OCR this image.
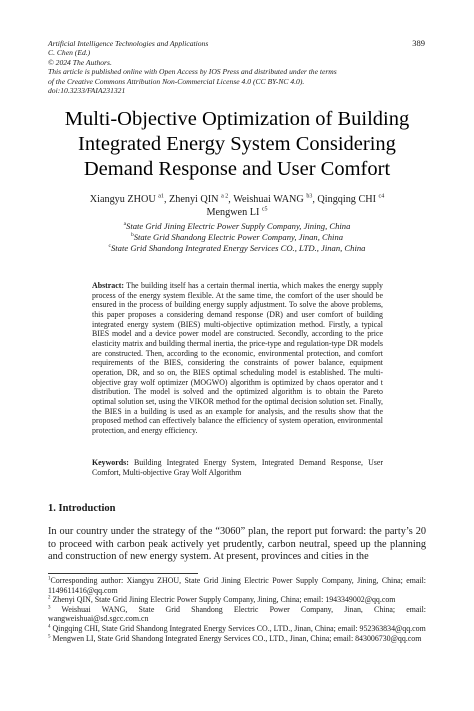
Artificial Intelligence Technologies and Applications
C. Chen (Ed.)
© 2024 The Authors.
This article is published online with Open Access by IOS Press and distributed under the terms
of the Creative Commons Attribution Non-Commercial License 4.0 (CC BY-NC 4.0).
doi:10.3233/FAIA231321
389
Multi-Objective Optimization of Building
Integrated Energy System Considering
Demand Response and User Comfort
Xiangyu ZHOU $^{a1}$, Zhenyi QIN $^{a 2}$, Weishuai WANG $^{b3}$, Qingqing CHI $^{c4}$
Mengwen LI $^{c5}$
$^a$State Grid Jining Electric Power Supply Company, Jining, China
$^b$State Grid Shandong Electric Power Company, Jinan, China
$^c$State Grid Shandong Integrated Energy Services CO., LTD., Jinan, China
Abstract: The building itself has a certain thermal inertia, which makes the energy supply process of the energy system flexible. At the same time, the comfort of the user should be ensured in the process of building energy supply adjustment. To solve the above problems, this paper proposes a considering demand response (DR) and user comfort of building integrated energy system (BIES) multi-objective optimization method. Firstly, a typical BIES model and a device power model are constructed. Secondly, according to the price elasticity matrix and building thermal inertia, the price-type and regulation-type DR models are constructed. Then, according to the economic, environmental protection, and comfort requirements of the BIES, considering the constraints of power balance, equipment operation, DR, and so on, the BIES optimal scheduling model is established. The multi-objective gray wolf optimizer (MOGWO) algorithm is optimized by chaos operator and t distribution. The model is solved and the optimized algorithm is to obtain the Pareto optimal solution set, using the VIKOR method for the optimal decision solution set. Finally, the BIES in a building is used as an example for analysis, and the results show that the proposed method can effectively balance the efficiency of system operation, environmental protection, and energy efficiency.
Keywords: Building Integrated Energy System, Integrated Demand Response, User Comfort, Multi-objective Gray Wolf Algorithm
1. Introduction
In our country under the strategy of the “3060” plan, the report put forward: the party’s 20 to proceed with carbon peak actively yet prudently, carbon neutral, speed up the planning and construction of new energy system. At present, provinces and cities in the

$^1$Corresponding author: Xiangyu ZHOU, State Grid Jining Electric Power Supply Company, Jining, China; email: 1149611416@qq.com

$^2$ Zhenyi QIN, State Grid Jining Electric Power Supply Company, Jining, China; email: 1943349002@qq.com

$^3$ Weishuai WANG, State Grid Shandong Electric Power Company, Jinan, China; email: wangweishuai@sd.sgcc.com.cn

$^4$ Qingqing CHI, State Grid Shandong Integrated Energy Services CO., LTD., Jinan, China; email: 952363834@qq.com

$^5$ Mengwen LI, State Grid Shandong Integrated Energy Services CO., LTD., Jinan, China; email: 843006730@qq.com
